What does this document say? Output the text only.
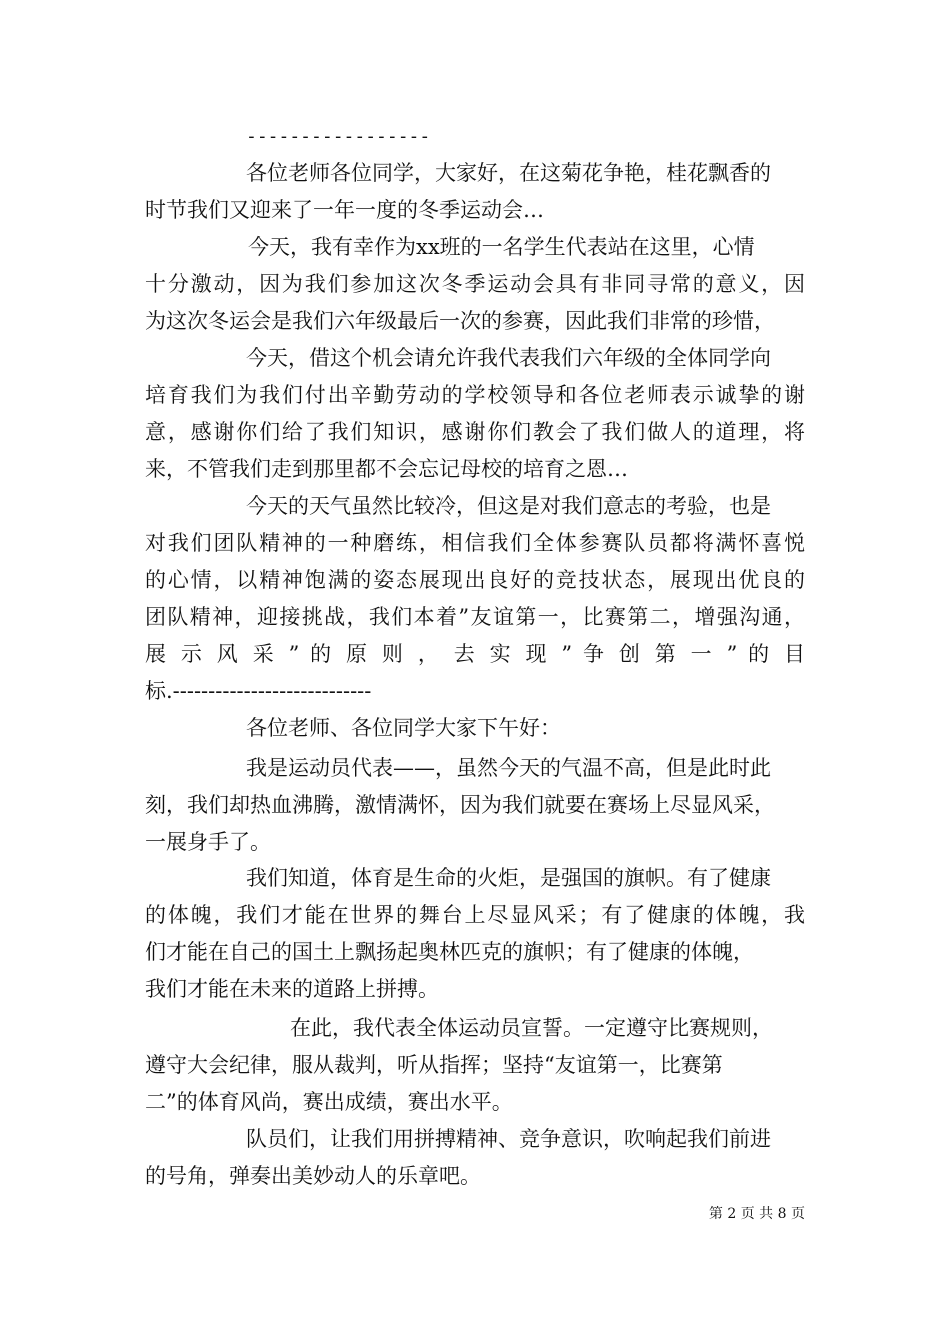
-----------------
各位老师各位同学，大家好，在这菊花争艳，桂花飘香的
时节我们又迎来了一年一度的冬季运动会…
今天，我有幸作为xx班的一名学生代表站在这里，心情
十分激动，因为我们参加这次冬季运动会具有非同寻常的意义，因
为这次冬运会是我们六年级最后一次的参赛，因此我们非常的珍惜，
今天，借这个机会请允许我代表我们六年级的全体同学向
培育我们为我们付出辛勤劳动的学校领导和各位老师表示诚挚的谢
意，感谢你们给了我们知识，感谢你们教会了我们做人的道理，将
来，不管我们走到那里都不会忘记母校的培育之恩…
今天的天气虽然比较冷，但这是对我们意志的考验，也是
对我们团队精神的一种磨练，相信我们全体参赛队员都将满怀喜悦
的心情，以精神饱满的姿态展现出良好的竞技状态，展现出优良的
团队精神，迎接挑战，我们本着”友谊第一，比赛第二，增强沟通，
展 示 风 采 ” 的 原 则 ， 去 实 现 ” 争 创 第 一 ” 的 目
标.----------------------------
各位老师、各位同学大家下午好：
我是运动员代表——，虽然今天的气温不高，但是此时此
刻，我们却热血沸腾，激情满怀，因为我们就要在赛场上尽显风采，
一展身手了。
我们知道，体育是生命的火炬，是强国的旗帜。有了健康
的体魄，我们才能在世界的舞台上尽显风采；有了健康的体魄，我
们才能在自己的国土上飘扬起奥林匹克的旗帜；有了健康的体魄，
我们才能在未来的道路上拼搏。
在此，我代表全体运动员宣誓。一定遵守比赛规则，
遵守大会纪律，服从裁判，听从指挥；坚持“友谊第一，比赛第
二”的体育风尚，赛出成绩，赛出水平。
队员们，让我们用拼搏精神、竞争意识，吹响起我们前进
的号角，弹奏出美妙动人的乐章吧。
第 2 页 共 8 页
